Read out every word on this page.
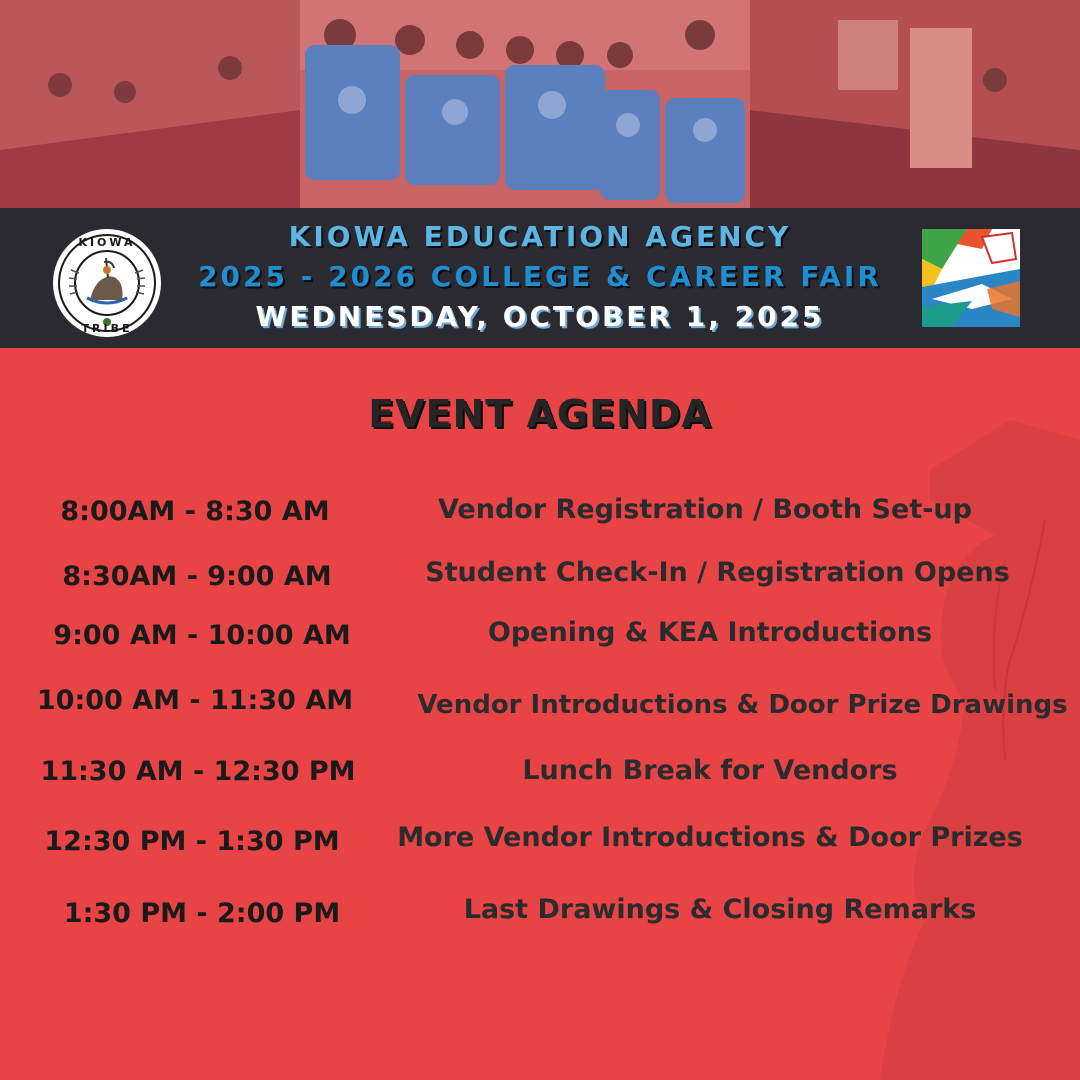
KIOWA EDUCATION AGENCY
2025 - 2026 COLLEGE & CAREER FAIR
WEDNESDAY, OCTOBER 1, 2025
KIOWA
TRIBE
EVENT AGENDA
8:00AM - 8:30 AM	Vendor Registration / Booth Set-up
8:30AM - 9:00 AM	Student Check-In / Registration Opens
9:00 AM - 10:00 AM	Opening & KEA Introductions
10:00 AM - 11:30 AM	Vendor Introductions & Door Prize Drawings
11:30 AM - 12:30 PM	Lunch Break for Vendors
12:30 PM - 1:30 PM	More Vendor Introductions & Door Prizes
1:30 PM - 2:00 PM	Last Drawings & Closing Remarks
